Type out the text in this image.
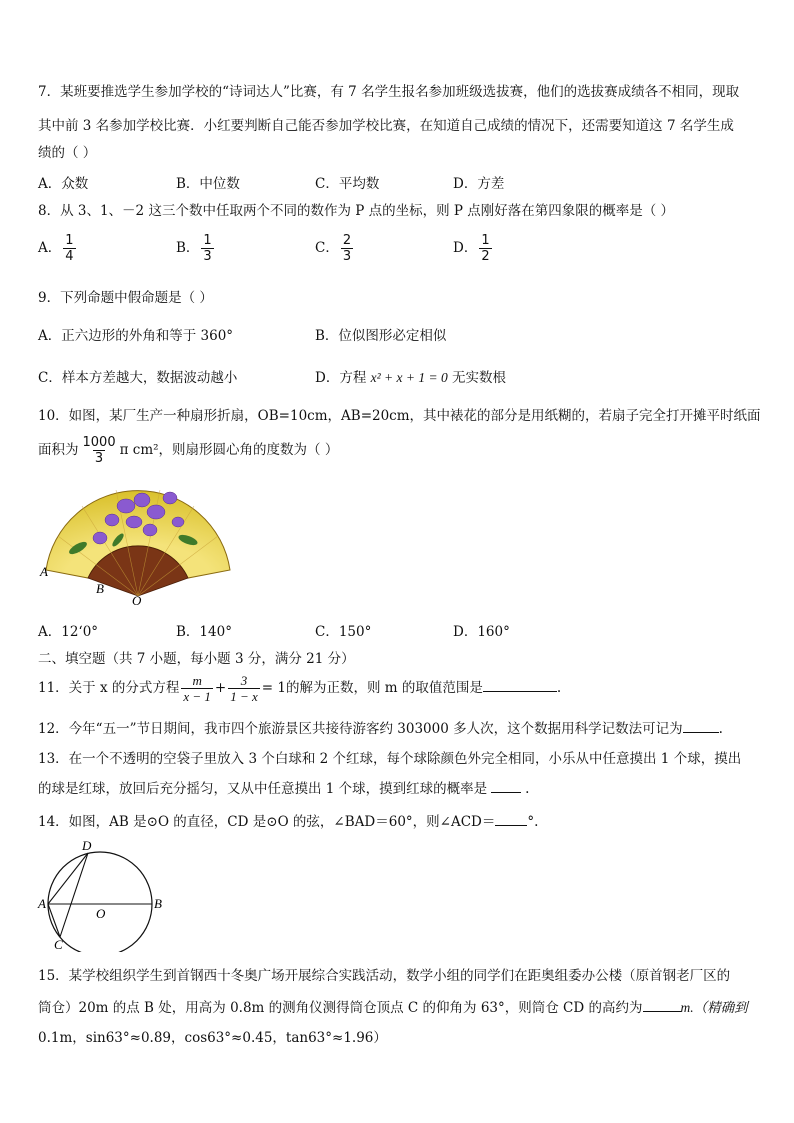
7．某班要推选学生参加学校的“诗词达人”比赛，有 7 名学生报名参加班级选拔赛，他们的选拔赛成绩各不相同，现取
其中前 3 名参加学校比赛．小红要判断自己能否参加学校比赛，在知道自己成绩的情况下，还需要知道这 7 名学生成
绩的（ ）
A．众数	B．中位数	C．平均数	D．方差
8．从 3、1、－2 这三个数中任取两个不同的数作为 P 点的坐标，则 P 点刚好落在第四象限的概率是（ ）
A． $\frac{1}{4}$	B． $\frac{1}{3}$	C． $\frac{2}{3}$	D． $\frac{1}{2}$
9．下列命题中假命题是（ ）
A．正六边形的外角和等于 360°	B．位似图形必定相似
C．样本方差越大，数据波动越小	D．方程 x² + x + 1 = 0 无实数根
10．如图，某厂生产一种扇形折扇，OB=10cm，AB=20cm，其中裱花的部分是用纸糊的，若扇子完全打开摊平时纸面
面积为 $\frac{1000}{3}$ π cm²，则扇形圆心角的度数为（ ）
A
B
O
A．12‘0°	B．140°	C．150°	D．160°
二、填空题（共 7 小题，每小题 3 分，满分 21 分）
11．关于 x 的分式方程 $\frac{m}{x - 1} + \frac{3}{1 - x} = 1$的解为正数，则 m 的取值范围是	.
12．今年“五一”节日期间，我市四个旅游景区共接待游客约 303000 多人次，这个数据用科学记数法可记为	.
13．在一个不透明的空袋子里放入 3 个白球和 2 个红球，每个球除颜色外完全相同，小乐从中任意摸出 1 个球，摸出
的球是红球，放回后充分摇匀，又从中任意摸出 1 个球，摸到红球的概率是	.
14．如图，AB 是⊙O 的直径，CD 是⊙O 的弦，∠BAD＝60°，则∠ACD＝ °.
D
A
O
B
C
15．某学校组织学生到首钢西十冬奥广场开展综合实践活动，数学小组的同学们在距奥组委办公楼（原首钢老厂区的
筒仓）20m 的点 B 处，用高为 0.8m 的测角仪测得筒仓顶点 C 的仰角为 63°，则筒仓 CD 的高约为	m.（精确到
0.1m，sin63°≈0.89，cos63°≈0.45，tan63°≈1.96）
